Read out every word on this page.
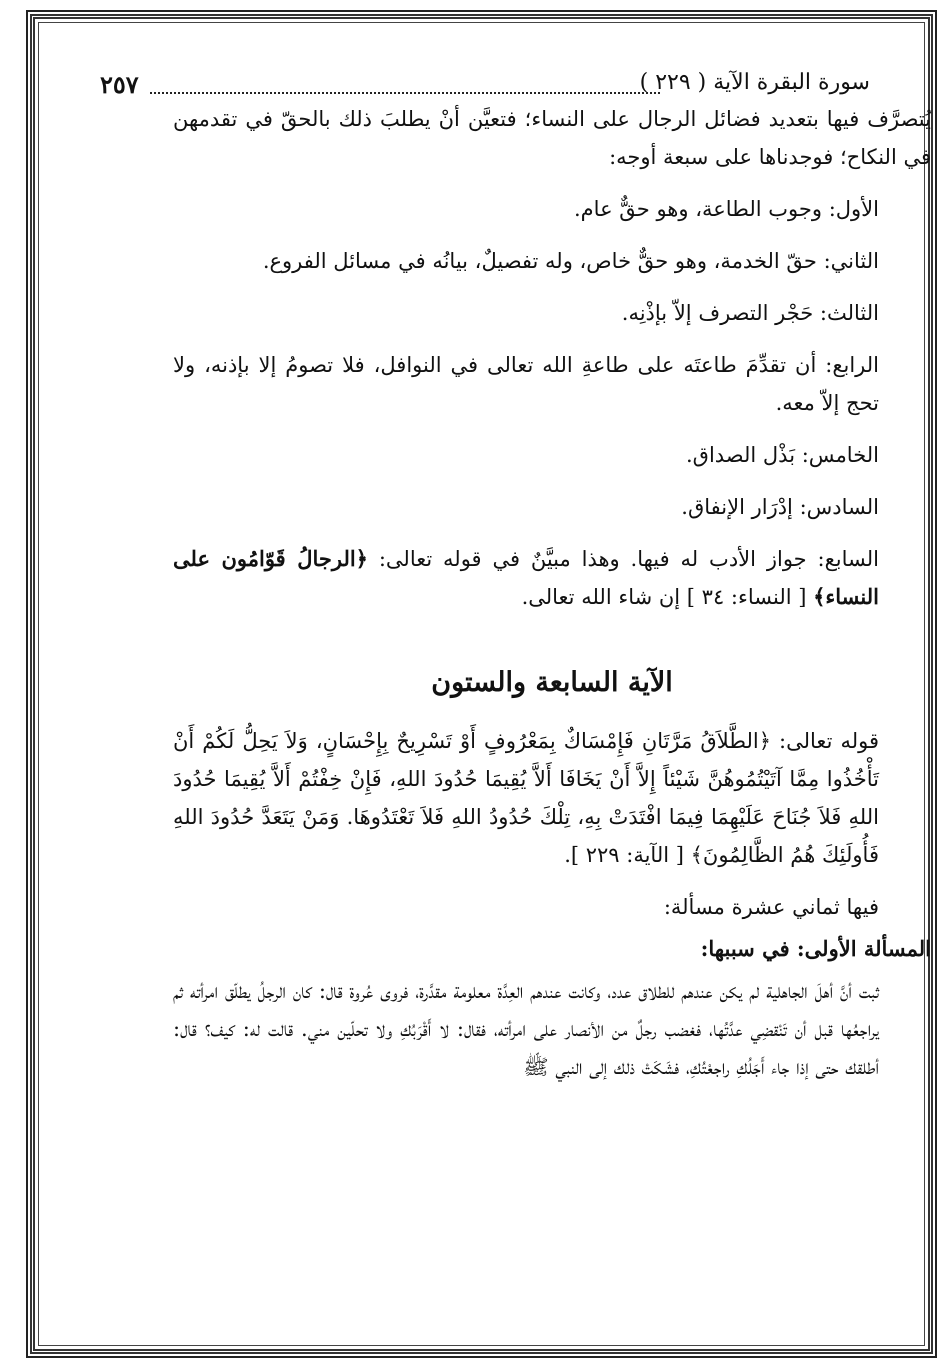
سورة البقرة الآية ( ٢٢٩ )
٢٥٧

يُتصرَّف فيها بتعديد فضائل الرجال على النساء؛ فتعيَّن أنْ يطلبَ ذلك بالحقّ في تقدمهن في النكاح؛ فوجدناها على سبعة أوجه:

الأول: وجوب الطاعة، وهو حقٌّ عام.

الثاني: حقّ الخدمة، وهو حقٌّ خاص، وله تفصيلٌ، بيانُه في مسائل الفروع.

الثالث: حَجْر التصرف إلاّ بإذْنِه.

الرابع: أن تقدِّمَ طاعتَه على طاعةِ الله تعالى في النوافل، فلا تصومُ إلا بإذنه، ولا تحج إلاّ معه.

الخامس: بَذْل الصداق.

السادس: إدْرَار الإنفاق.

السابع: جواز الأدب له فيها. وهذا مبيَّنٌ في قوله تعالى: ﴿الرجالُ قَوّامُون على النساء﴾ [ النساء: ٣٤ ] إن شاء الله تعالى.

الآية السابعة والستون

قوله تعالى: ﴿الطَّلاَقُ مَرَّتَانِ فَإِمْسَاكٌ بِمَعْرُوفٍ أَوْ تَسْرِيحٌ بِإِحْسَانٍ، وَلاَ يَحِلُّ لَكُمْ أَنْ تَأْخُذُوا مِمَّا آتَيْتُمُوهُنَّ شَيْئاً إِلاَّ أَنْ يَخَافَا أَلاَّ يُقِيمَا حُدُودَ اللهِ، فَإِنْ خِفْتُمْ أَلاَّ يُقِيمَا حُدُودَ اللهِ فَلاَ جُنَاحَ عَلَيْهِمَا فِيمَا افْتَدَتْ بِهِ، تِلْكَ حُدُودُ اللهِ فَلاَ تَعْتَدُوهَا. وَمَنْ يَتَعَدَّ حُدُودَ اللهِ فَأُولَئِكَ هُمُ الظَّالِمُونَ﴾ [ الآية: ٢٢٩ ].

فيها ثماني عشرة مسألة:

المسألة الأولى: في سببها:

ثبت أنَّ أهلَ الجاهلية لم يكن عندهم للطلاق عدد، وكانت عندهم العِدَّة معلومة مقدَّرة، فروى عُروة قال: كان الرجلُ يطلّق امرأته ثم يراجعُها قبل أن تَنْقضِي عدَّتُها، فغضب رجلٌ من الأنصار على امرأته، فقال: لا أَقْرَبُكِ ولا تحلّين مني. قالت له: كيف؟ قال: أطلقك حتى إذا جاء أَجَلُكِ راجعْتُكِ، فشَكَتْ ذلك إلى النبي ﷺ
